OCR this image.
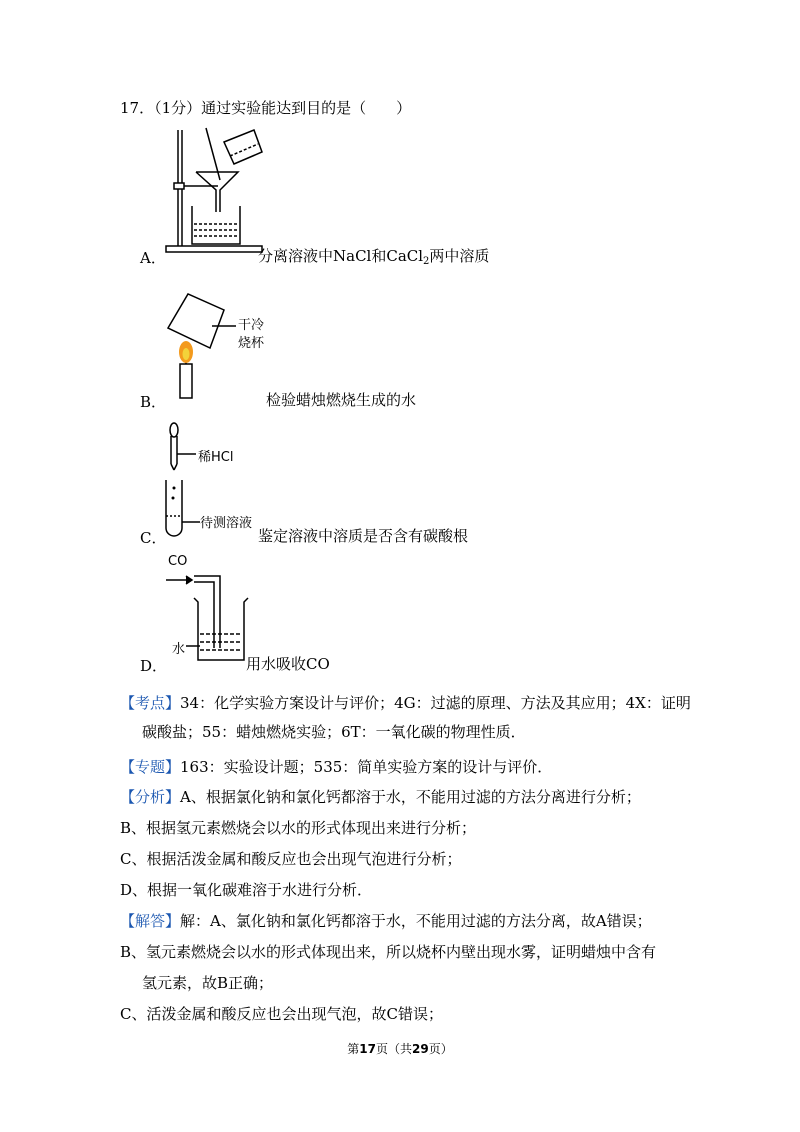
17．（1分）通过实验能达到目的是（　　）
A．	分离溶液中NaCl和CaCl$_2$两中溶质
干冷
烧杯
B．	检验蜡烛燃烧生成的水
稀HCl
待测溶液
C．	鉴定溶液中溶质是否含有碳酸根
CO
水
D．	用水吸收CO
【考点】34：化学实验方案设计与评价；4G：过滤的原理、方法及其应用；4X：证明
碳酸盐；55：蜡烛燃烧实验；6T：一氧化碳的物理性质．
【专题】163：实验设计题；535：简单实验方案的设计与评价．
【分析】A、根据氯化钠和氯化钙都溶于水，不能用过滤的方法分离进行分析；
B、根据氢元素燃烧会以水的形式体现出来进行分析；
C、根据活泼金属和酸反应也会出现气泡进行分析；
D、根据一氧化碳难溶于水进行分析．
【解答】解：A、氯化钠和氯化钙都溶于水，不能用过滤的方法分离，故A错误；
B、氢元素燃烧会以水的形式体现出来，所以烧杯内壁出现水雾，证明蜡烛中含有
氢元素，故B正确；
C、活泼金属和酸反应也会出现气泡，故C错误；
第17页（共29页）
